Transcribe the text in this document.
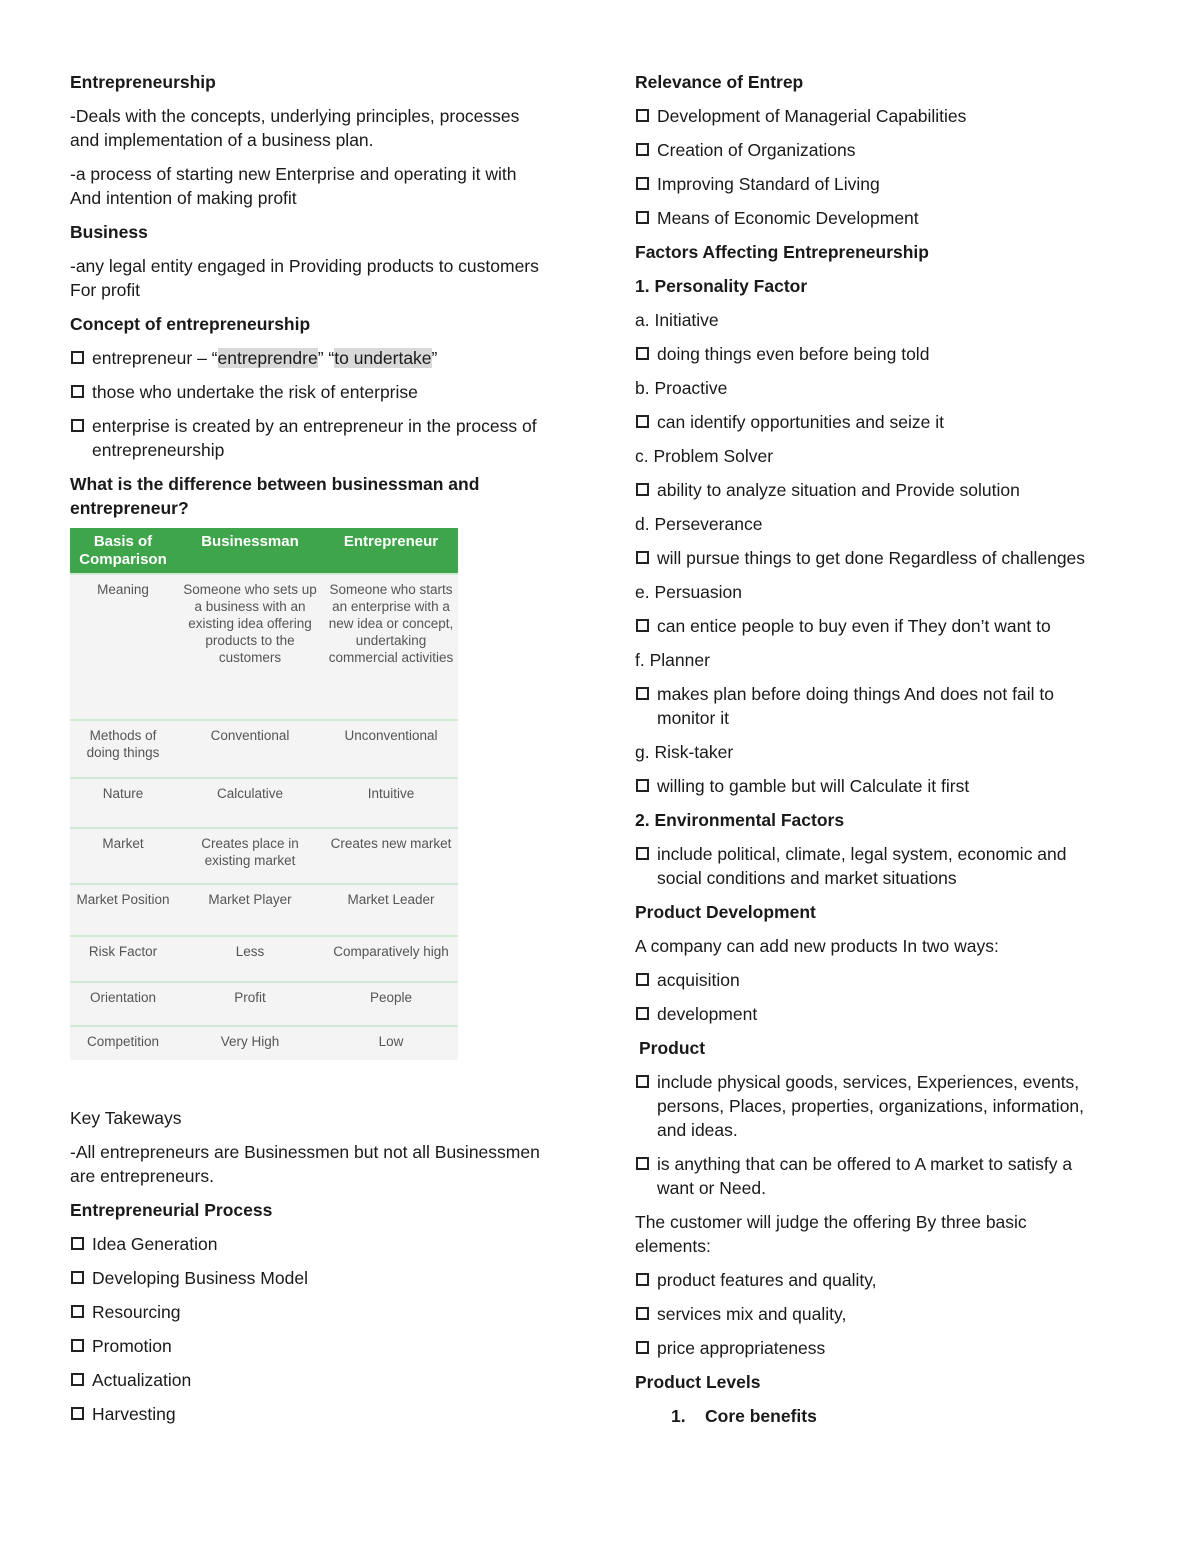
Entrepreneurship
-Deals with the concepts, underlying principles, processes and implementation of a business plan.
-a process of starting new Enterprise and operating it with And intention of making profit
Business
-any legal entity engaged in Providing products to customers For profit
Concept of entrepreneurship
entrepreneur – “entreprendre” “to undertake”
those who undertake the risk of enterprise
enterprise is created by an entrepreneur in the process of entrepreneurship
What is the difference between businessman and entrepreneur?
Basis of Comparison	Businessman	Entrepreneur
Meaning	Someone who sets up a business with an existing idea offering products to the customers	Someone who starts an enterprise with a new idea or concept, undertaking commercial activities
Methods of doing things	Conventional	Unconventional
Nature	Calculative	Intuitive
Market	Creates place in existing market	Creates new market
Market Position	Market Player	Market Leader
Risk Factor	Less	Comparatively high
Orientation	Profit	People
Competition	Very High	Low
Key Takeways
-All entrepreneurs are Businessmen but not all Businessmen are entrepreneurs.
Entrepreneurial Process
Idea Generation
Developing Business Model
Resourcing
Promotion
Actualization
Harvesting
Relevance of Entrep
Development of Managerial Capabilities
Creation of Organizations
Improving Standard of Living
Means of Economic Development
Factors Affecting Entrepreneurship
1. Personality Factor
a. Initiative
doing things even before being told
b. Proactive
can identify opportunities and seize it
c. Problem Solver
ability to analyze situation and Provide solution
d. Perseverance
will pursue things to get done Regardless of challenges
e. Persuasion
can entice people to buy even if They don’t want to
f. Planner
makes plan before doing things And does not fail to monitor it
g. Risk-taker
willing to gamble but will Calculate it first
2. Environmental Factors
include political, climate, legal system, economic and social conditions and market situations
Product Development
A company can add new products In two ways:
acquisition
development
Product
include physical goods, services, Experiences, events, persons, Places, properties, organizations, information, and ideas.
is anything that can be offered to A market to satisfy a want or Need.
The customer will judge the offering By three basic elements:
product features and quality,
services mix and quality,
price appropriateness
Product Levels
1. Core benefits
